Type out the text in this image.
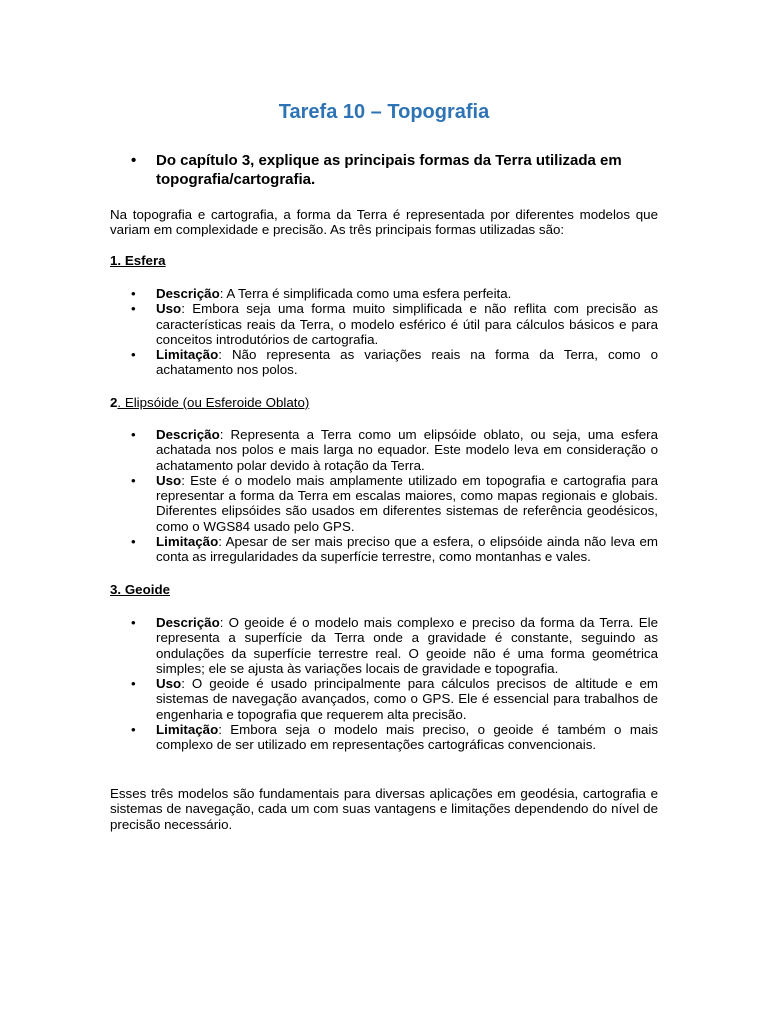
Tarefa 10 – Topografia
• Do capítulo 3, explique as principais formas da Terra utilizada em topografia/cartografia.

Na topografia e cartografia, a forma da Terra é representada por diferentes modelos que variam em complexidade e precisão. As três principais formas utilizadas são:

1. Esfera

• Descrição: A Terra é simplificada como uma esfera perfeita.
• Uso: Embora seja uma forma muito simplificada e não reflita com precisão as características reais da Terra, o modelo esférico é útil para cálculos básicos e para conceitos introdutórios de cartografia.
• Limitação: Não representa as variações reais na forma da Terra, como o achatamento nos polos.

2. Elipsóide (ou Esferoide Oblato)

• Descrição: Representa a Terra como um elipsóide oblato, ou seja, uma esfera achatada nos polos e mais larga no equador. Este modelo leva em consideração o achatamento polar devido à rotação da Terra.
• Uso: Este é o modelo mais amplamente utilizado em topografia e cartografia para representar a forma da Terra em escalas maiores, como mapas regionais e globais. Diferentes elipsóides são usados em diferentes sistemas de referência geodésicos, como o WGS84 usado pelo GPS.
• Limitação: Apesar de ser mais preciso que a esfera, o elipsóide ainda não leva em conta as irregularidades da superfície terrestre, como montanhas e vales.

3. Geoide

• Descrição: O geoide é o modelo mais complexo e preciso da forma da Terra. Ele representa a superfície da Terra onde a gravidade é constante, seguindo as ondulações da superfície terrestre real. O geoide não é uma forma geométrica simples; ele se ajusta às variações locais de gravidade e topografia.
• Uso: O geoide é usado principalmente para cálculos precisos de altitude e em sistemas de navegação avançados, como o GPS. Ele é essencial para trabalhos de engenharia e topografia que requerem alta precisão.
• Limitação: Embora seja o modelo mais preciso, o geoide é também o mais complexo de ser utilizado em representações cartográficas convencionais.

Esses três modelos são fundamentais para diversas aplicações em geodésia, cartografia e sistemas de navegação, cada um com suas vantagens e limitações dependendo do nível de precisão necessário.
